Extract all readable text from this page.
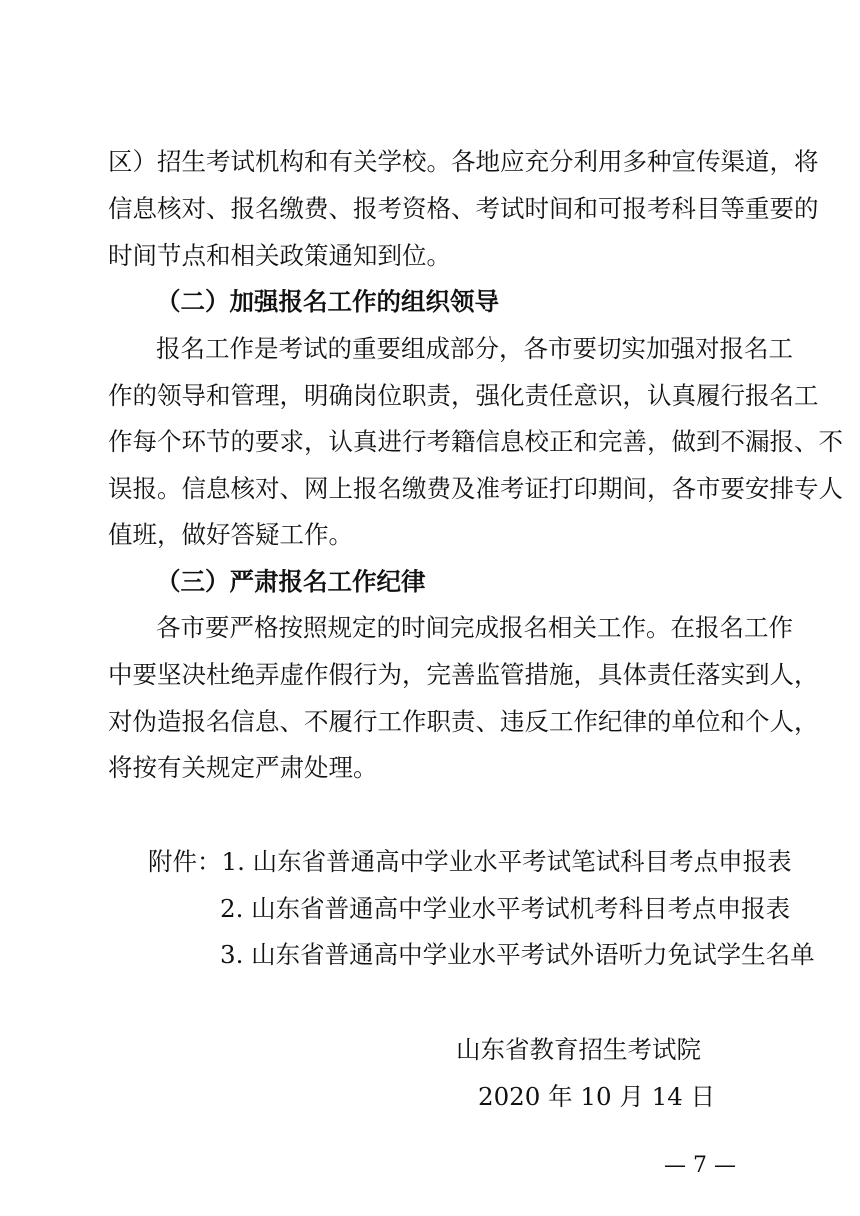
区）招生考试机构和有关学校。各地应充分利用多种宣传渠道，将
信息核对、报名缴费、报考资格、考试时间和可报考科目等重要的
时间节点和相关政策通知到位。
（二）加强报名工作的组织领导
报名工作是考试的重要组成部分，各市要切实加强对报名工
作的领导和管理，明确岗位职责，强化责任意识，认真履行报名工
作每个环节的要求，认真进行考籍信息校正和完善，做到不漏报、不
误报。信息核对、网上报名缴费及准考证打印期间，各市要安排专人
值班，做好答疑工作。
（三）严肃报名工作纪律
各市要严格按照规定的时间完成报名相关工作。在报名工作
中要坚决杜绝弄虚作假行为，完善监管措施，具体责任落实到人，
对伪造报名信息、不履行工作职责、违反工作纪律的单位和个人，
将按有关规定严肃处理。
附件：1. 山东省普通高中学业水平考试笔试科目考点申报表
2. 山东省普通高中学业水平考试机考科目考点申报表
3. 山东省普通高中学业水平考试外语听力免试学生名单
山东省教育招生考试院
2020 年 10 月 14 日
— 7 —
